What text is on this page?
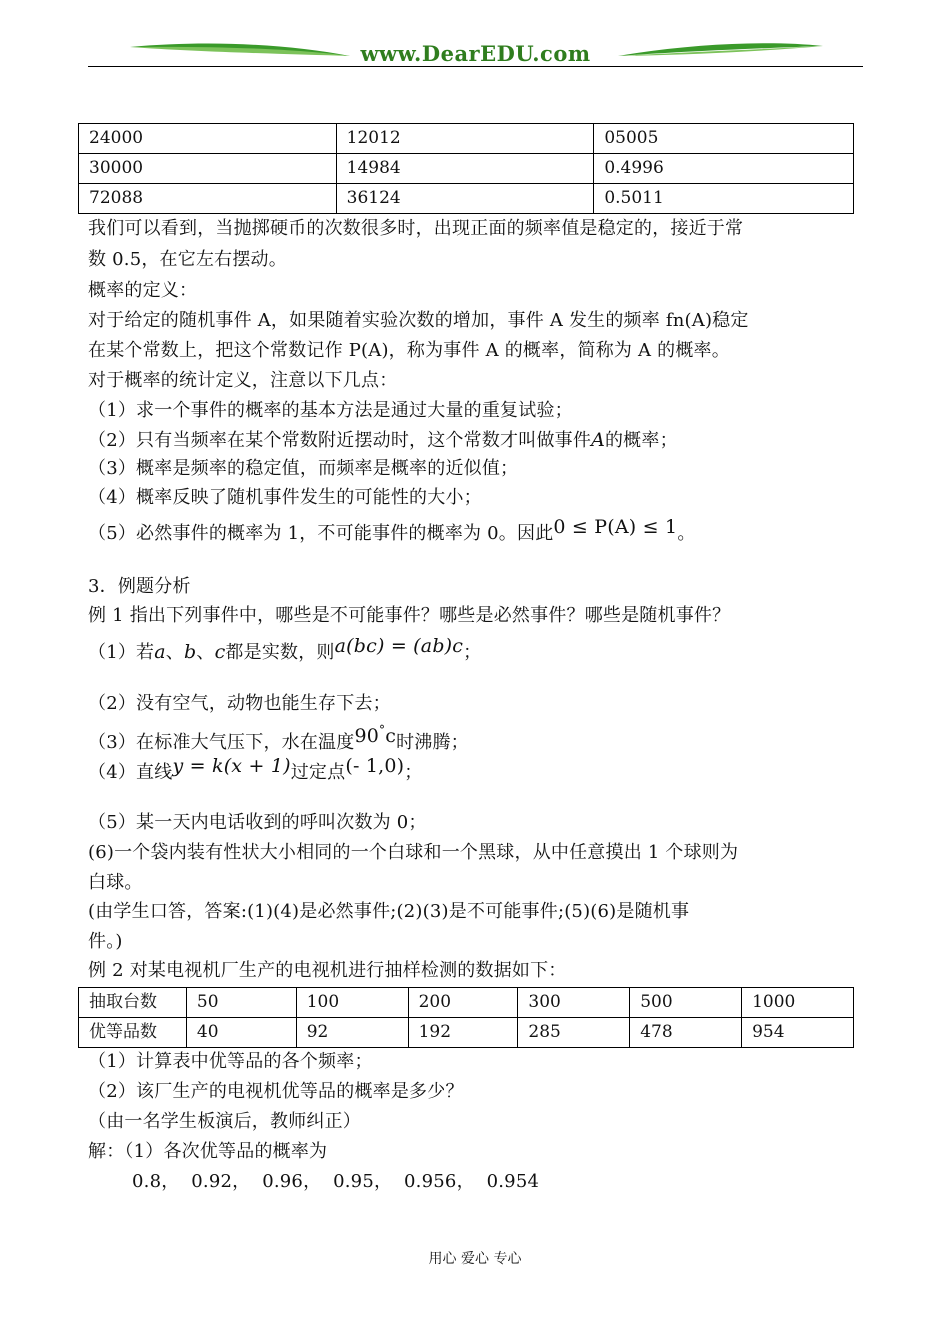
www.DearEDU.com
24000	12012	05005
30000	14984	0.4996
72088	36124	0.5011
我们可以看到，当抛掷硬币的次数很多时，出现正面的频率值是稳定的，接近于常
数 0.5，在它左右摆动。
概率的定义：
对于给定的随机事件 A，如果随着实验次数的增加，事件 A 发生的频率 fn(A)稳定
在某个常数上，把这个常数记作 P(A)，称为事件 A 的概率，简称为 A 的概率。
对于概率的统计定义，注意以下几点：
（1）求一个事件的概率的基本方法是通过大量的重复试验；
（2）只有当频率在某个常数附近摆动时，这个常数才叫做事件A的概率；
（3）概率是频率的稳定值，而频率是概率的近似值；
（4）概率反映了随机事件发生的可能性的大小；
（5）必然事件的概率为 1，不可能事件的概率为 0。因此0 ≤ P(A) ≤ 1。
3．例题分析
例 1 指出下列事件中，哪些是不可能事件？哪些是必然事件？哪些是随机事件？
（1）若a、b、c都是实数，则a(bc) = (ab)c；
（2）没有空气，动物也能生存下去；
（3）在标准大气压下，水在温度90°c时沸腾；
（4）直线y = k(x + 1)过定点(- 1,0)；
（5）某一天内电话收到的呼叫次数为 0；
(6)一个袋内装有性状大小相同的一个白球和一个黑球，从中任意摸出 1 个球则为
白球。
(由学生口答，答案:(1)(4)是必然事件;(2)(3)是不可能事件;(5)(6)是随机事
件。)
例 2 对某电视机厂生产的电视机进行抽样检测的数据如下：
抽取台数	50	100	200	300	500	1000
优等品数	40	92	192	285	478	954
（1）计算表中优等品的各个频率；
（2）该厂生产的电视机优等品的概率是多少？
（由一名学生板演后，教师纠正）
解：（1）各次优等品的概率为
0.8，  0.92，  0.96，  0.95，  0.956，  0.954
用心 爱心 专心
